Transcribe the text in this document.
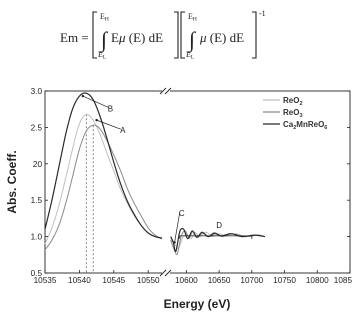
Em =
EH
∫
EL
Eμ (E) dE
EH
∫
EL
μ (E) dE
-1
B
A
C
D
0.5
1.0
1.5
20
2.5
3.0
10535 10540 10545 10550 10600 10650 10700 10750 10800 1085
ReO$_2$
ReO$_3$
$Ca_2MnReO_6$
Energy (eV)
Abs. Coeff.
